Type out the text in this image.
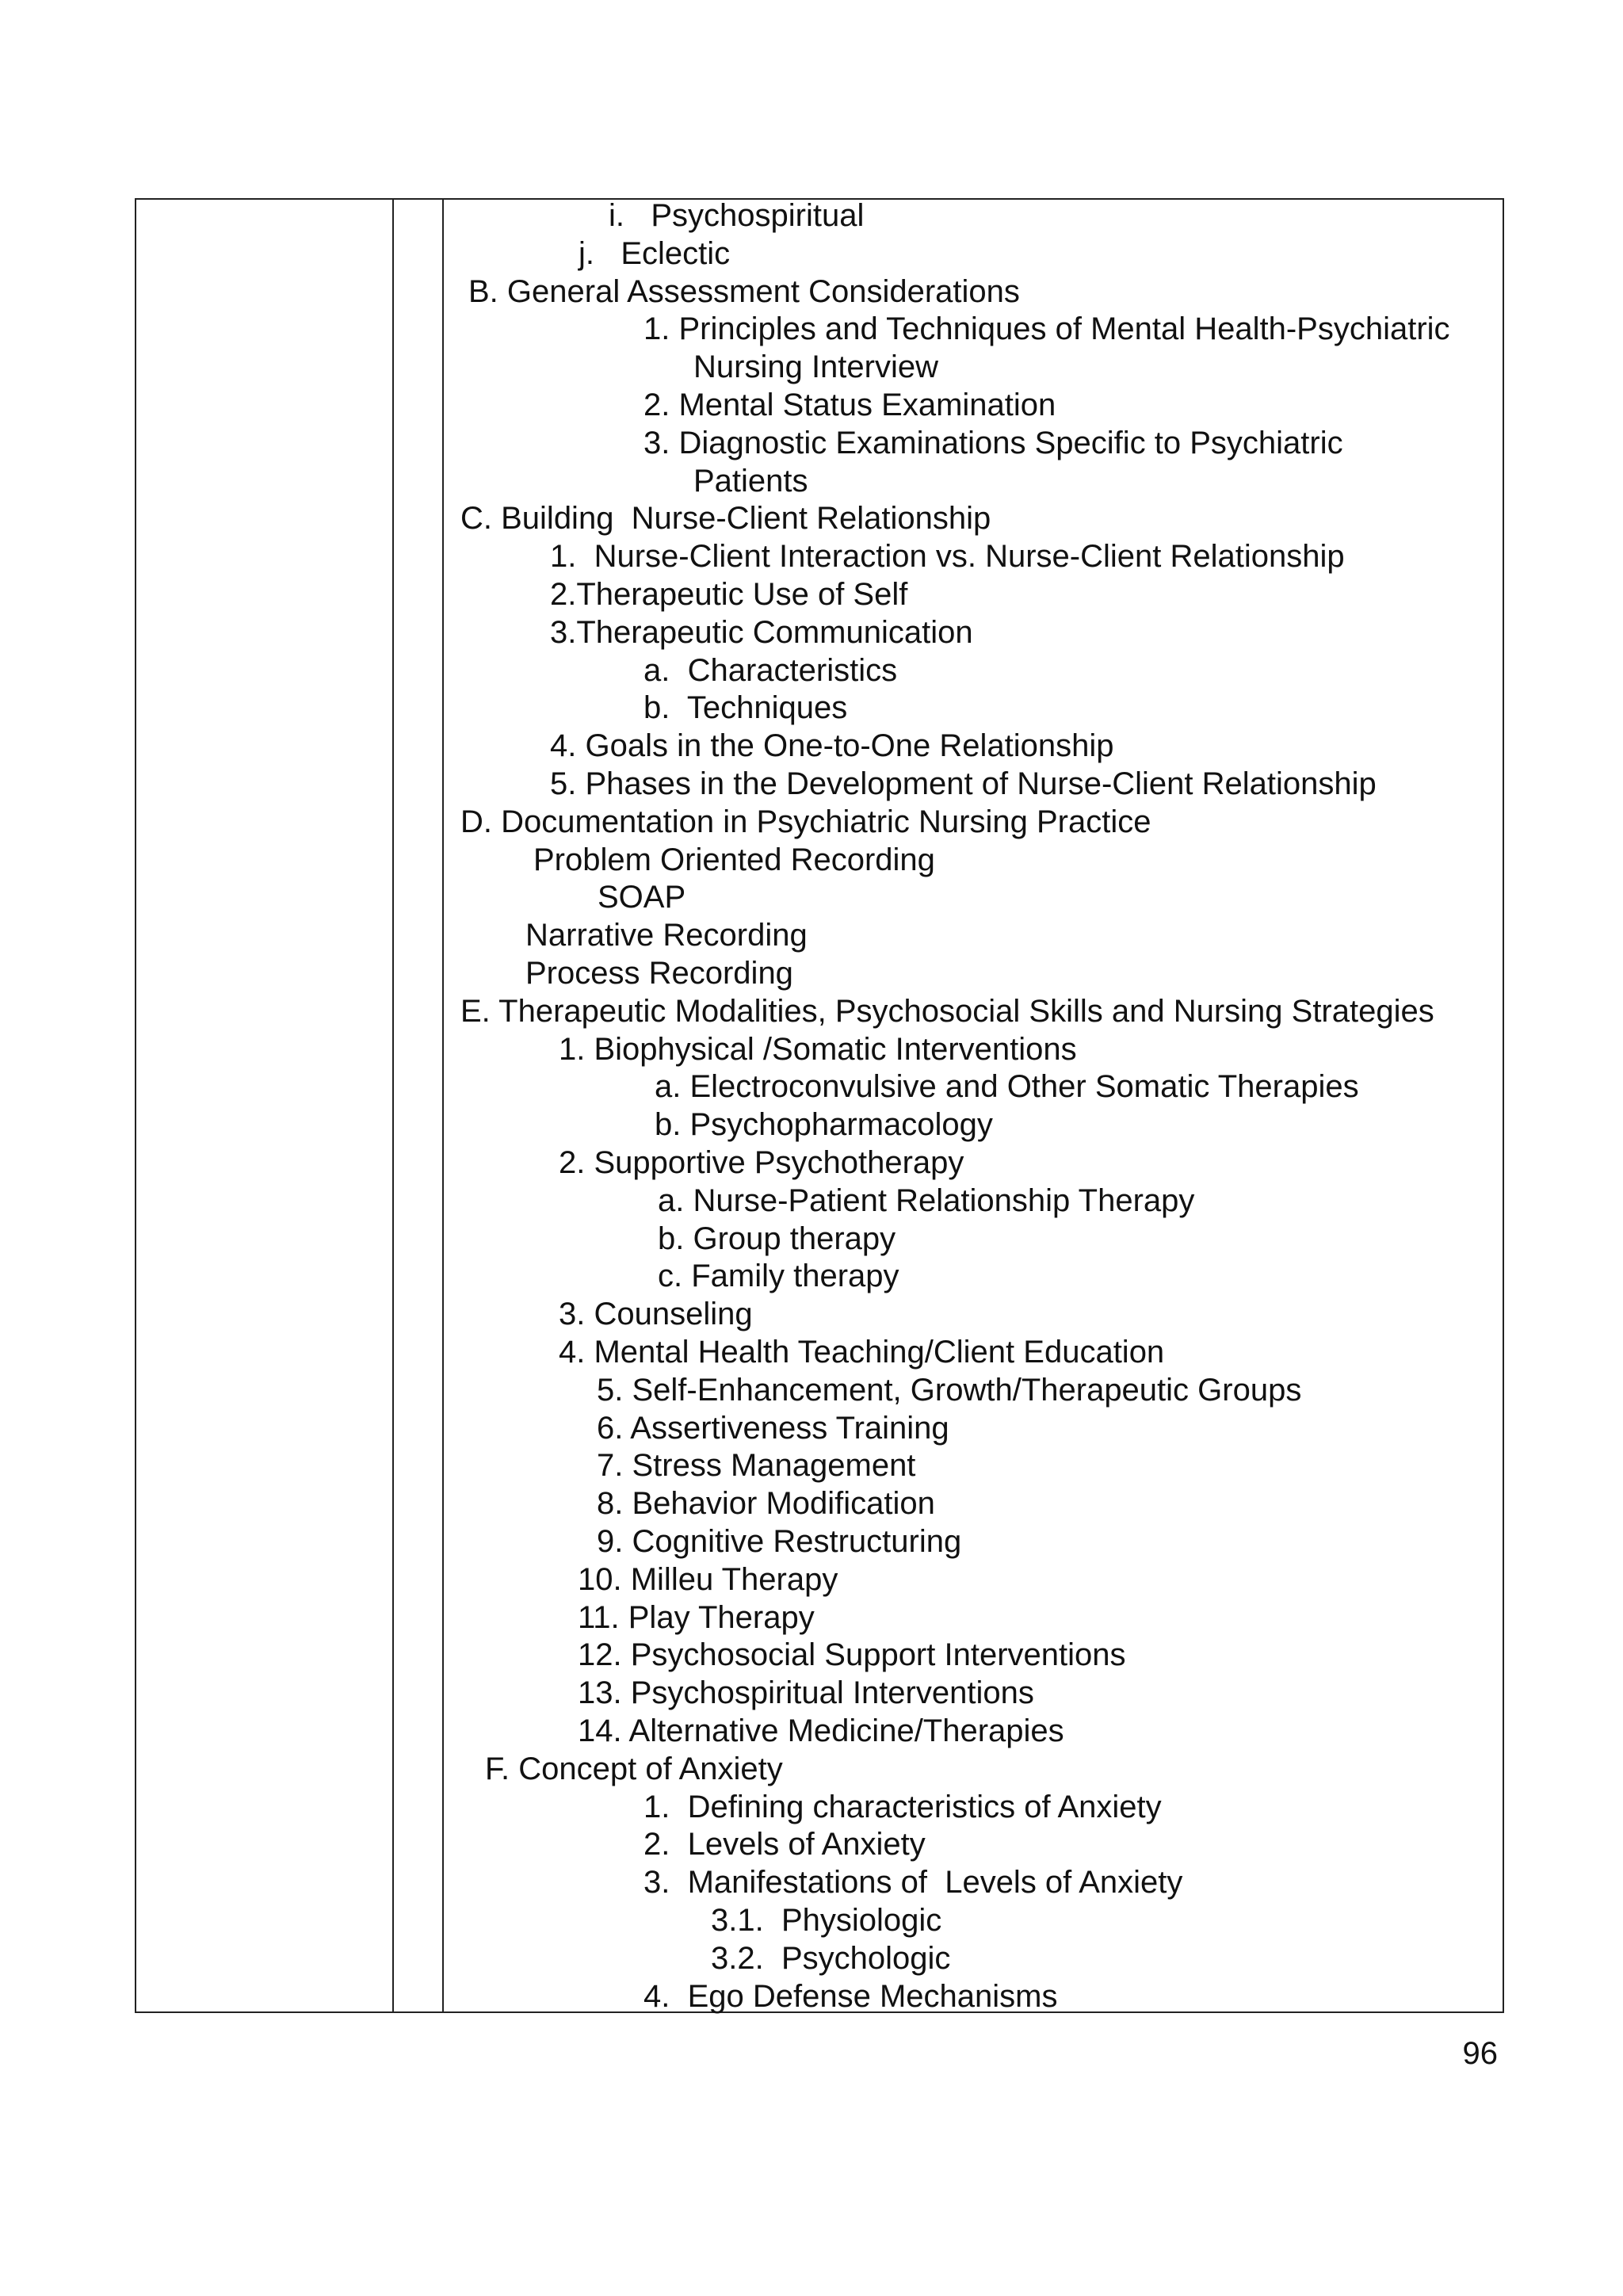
i.   Psychospiritual
j.   Eclectic
B. General Assessment Considerations
1. Principles and Techniques of Mental Health-Psychiatric
Nursing Interview
2. Mental Status Examination
3. Diagnostic Examinations Specific to Psychiatric
Patients
C. Building  Nurse-Client Relationship
1.  Nurse-Client Interaction vs. Nurse-Client Relationship
2.Therapeutic Use of Self
3.Therapeutic Communication
a.  Characteristics
b.  Techniques
4. Goals in the One-to-One Relationship
5. Phases in the Development of Nurse-Client Relationship
D. Documentation in Psychiatric Nursing Practice
Problem Oriented Recording
SOAP
Narrative Recording
Process Recording
E. Therapeutic Modalities, Psychosocial Skills and Nursing Strategies
1. Biophysical /Somatic Interventions
a. Electroconvulsive and Other Somatic Therapies
b. Psychopharmacology
2. Supportive Psychotherapy
a. Nurse-Patient Relationship Therapy
b. Group therapy
c. Family therapy
3. Counseling
4. Mental Health Teaching/Client Education
5. Self-Enhancement, Growth/Therapeutic Groups
6. Assertiveness Training
7. Stress Management
8. Behavior Modification
9. Cognitive Restructuring
10. Milleu Therapy
11. Play Therapy
12. Psychosocial Support Interventions
13. Psychospiritual Interventions
14. Alternative Medicine/Therapies
F. Concept of Anxiety
1.  Defining characteristics of Anxiety
2.  Levels of Anxiety
3.  Manifestations of  Levels of Anxiety
3.1.  Physiologic
3.2.  Psychologic
4.  Ego Defense Mechanisms
96
